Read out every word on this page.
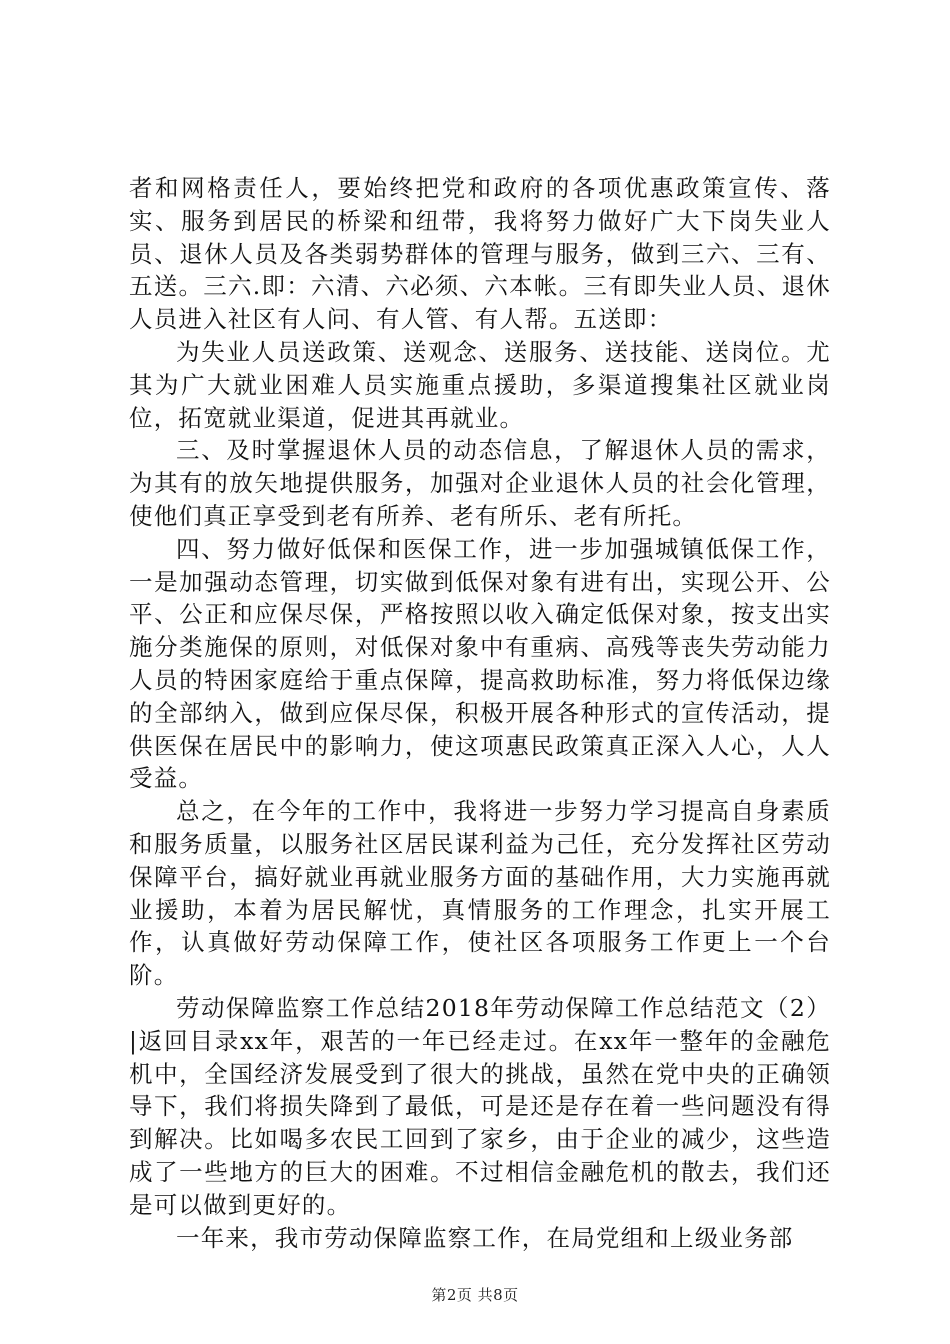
者和网格责任人，要始终把党和政府的各项优惠政策宣传、落实、服务到居民的桥梁和纽带，我将努力做好广大下岗失业人员、退休人员及各类弱势群体的管理与服务，做到三六、三有、五送。三六.即：六清、六必须、六本帐。三有即失业人员、退休人员进入社区有人问、有人管、有人帮。五送即：

为失业人员送政策、送观念、送服务、送技能、送岗位。尤其为广大就业困难人员实施重点援助，多渠道搜集社区就业岗位，拓宽就业渠道，促进其再就业。

三、及时掌握退休人员的动态信息，了解退休人员的需求，为其有的放矢地提供服务，加强对企业退休人员的社会化管理，使他们真正享受到老有所养、老有所乐、老有所托。

四、努力做好低保和医保工作，进一步加强城镇低保工作，一是加强动态管理，切实做到低保对象有进有出，实现公开、公平、公正和应保尽保，严格按照以收入确定低保对象，按支出实施分类施保的原则，对低保对象中有重病、高残等丧失劳动能力人员的特困家庭给于重点保障，提高救助标准，努力将低保边缘的全部纳入，做到应保尽保，积极开展各种形式的宣传活动，提供医保在居民中的影响力，使这项惠民政策真正深入人心，人人受益。

总之，在今年的工作中，我将进一步努力学习提高自身素质和服务质量，以服务社区居民谋利益为己任，充分发挥社区劳动保障平台，搞好就业再就业服务方面的基础作用，大力实施再就业援助，本着为居民解忧，真情服务的工作理念，扎实开展工作，认真做好劳动保障工作，使社区各项服务工作更上一个台阶。

劳动保障监察工作总结2018年劳动保障工作总结范文（2）|返回目录xx年，艰苦的一年已经走过。在xx年一整年的金融危机中，全国经济发展受到了很大的挑战，虽然在党中央的正确领导下，我们将损失降到了最低，可是还是存在着一些问题没有得到解决。比如喝多农民工回到了家乡，由于企业的减少，这些造成了一些地方的巨大的困难。不过相信金融危机的散去，我们还是可以做到更好的。

一年来，我市劳动保障监察工作，在局党组和上级业务部

第2页 共8页
